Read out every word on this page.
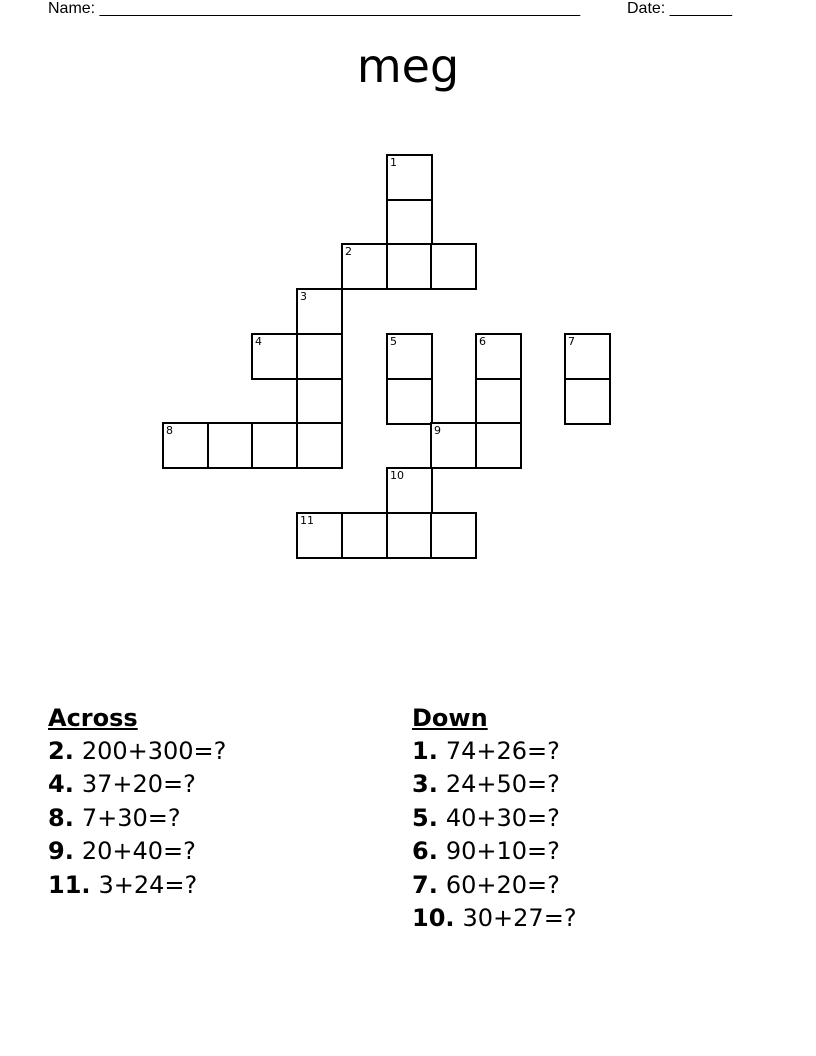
Name: ______________________________________________________	Date: _______
meg
1
2
3
4	5	6	7
8	9
10
11
Across
2. 200+300=?
4. 37+20=?
8. 7+30=?
9. 20+40=?
11. 3+24=?
Down
1. 74+26=?
3. 24+50=?
5. 40+30=?
6. 90+10=?
7. 60+20=?
10. 30+27=?
